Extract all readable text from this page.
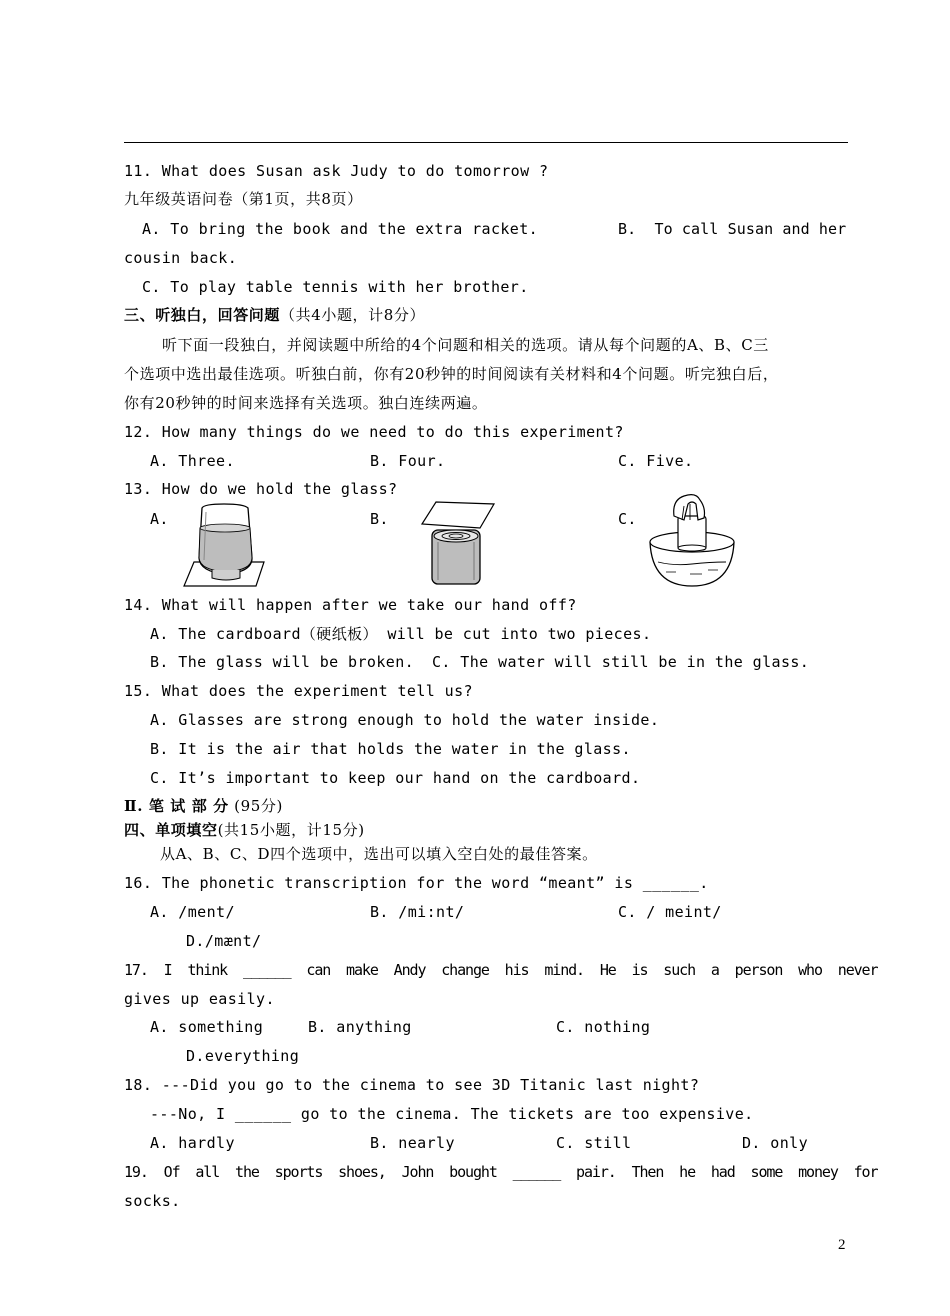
11. What does Susan ask Judy to do tomorrow ?
九年级英语问卷（第1页，共8页）
A. To bring the book and the extra racket.	B.  To call Susan and her
cousin back.
C. To play table tennis with her brother.
三、听独白，回答问题（共4小题，计8分）
听下面一段独白，并阅读题中所给的4个问题和相关的选项。请从每个问题的A、B、C三
个选项中选出最佳选项。听独白前，你有20秒钟的时间阅读有关材料和4个问题。听完独白后，
你有20秒钟的时间来选择有关选项。独白连续两遍。
12. How many things do we need to do this experiment?
A. Three.	B. Four.	C. Five.
13. How do we hold the glass?
A.	B.	C.
14. What will happen after we take our hand off?
A. The cardboard（硬纸板） will be cut into two pieces.
B. The glass will be broken. C. The water will still be in the glass.
15. What does the experiment tell us?
A. Glasses are strong enough to hold the water inside.
B. It is the air that holds the water in the glass.
C. It’s important to keep our hand on the cardboard.
Ⅱ. 笔 试 部 分 (95分)
四、单项填空(共15小题，计15分)
从A、B、C、D四个选项中，选出可以填入空白处的最佳答案。
16. The phonetic transcription for the word “meant” is ______.
A. /ment/	B. /mi:nt/	C. / meint/
D./mænt/
17.  I  think  ______  can  make  Andy  change  his  mind.  He  is  such  a  person  who  never
gives up easily.
A. something	B. anything	C. nothing
D.everything
18. ---Did you go to the cinema to see 3D Titanic last night?
---No, I ______ go to the cinema. The tickets are too expensive.
A. hardly	B. nearly	C. still	D. only
19.  Of  all  the  sports  shoes,  John  bought  ______  pair.  Then  he  had  some  money  for
socks.
2
